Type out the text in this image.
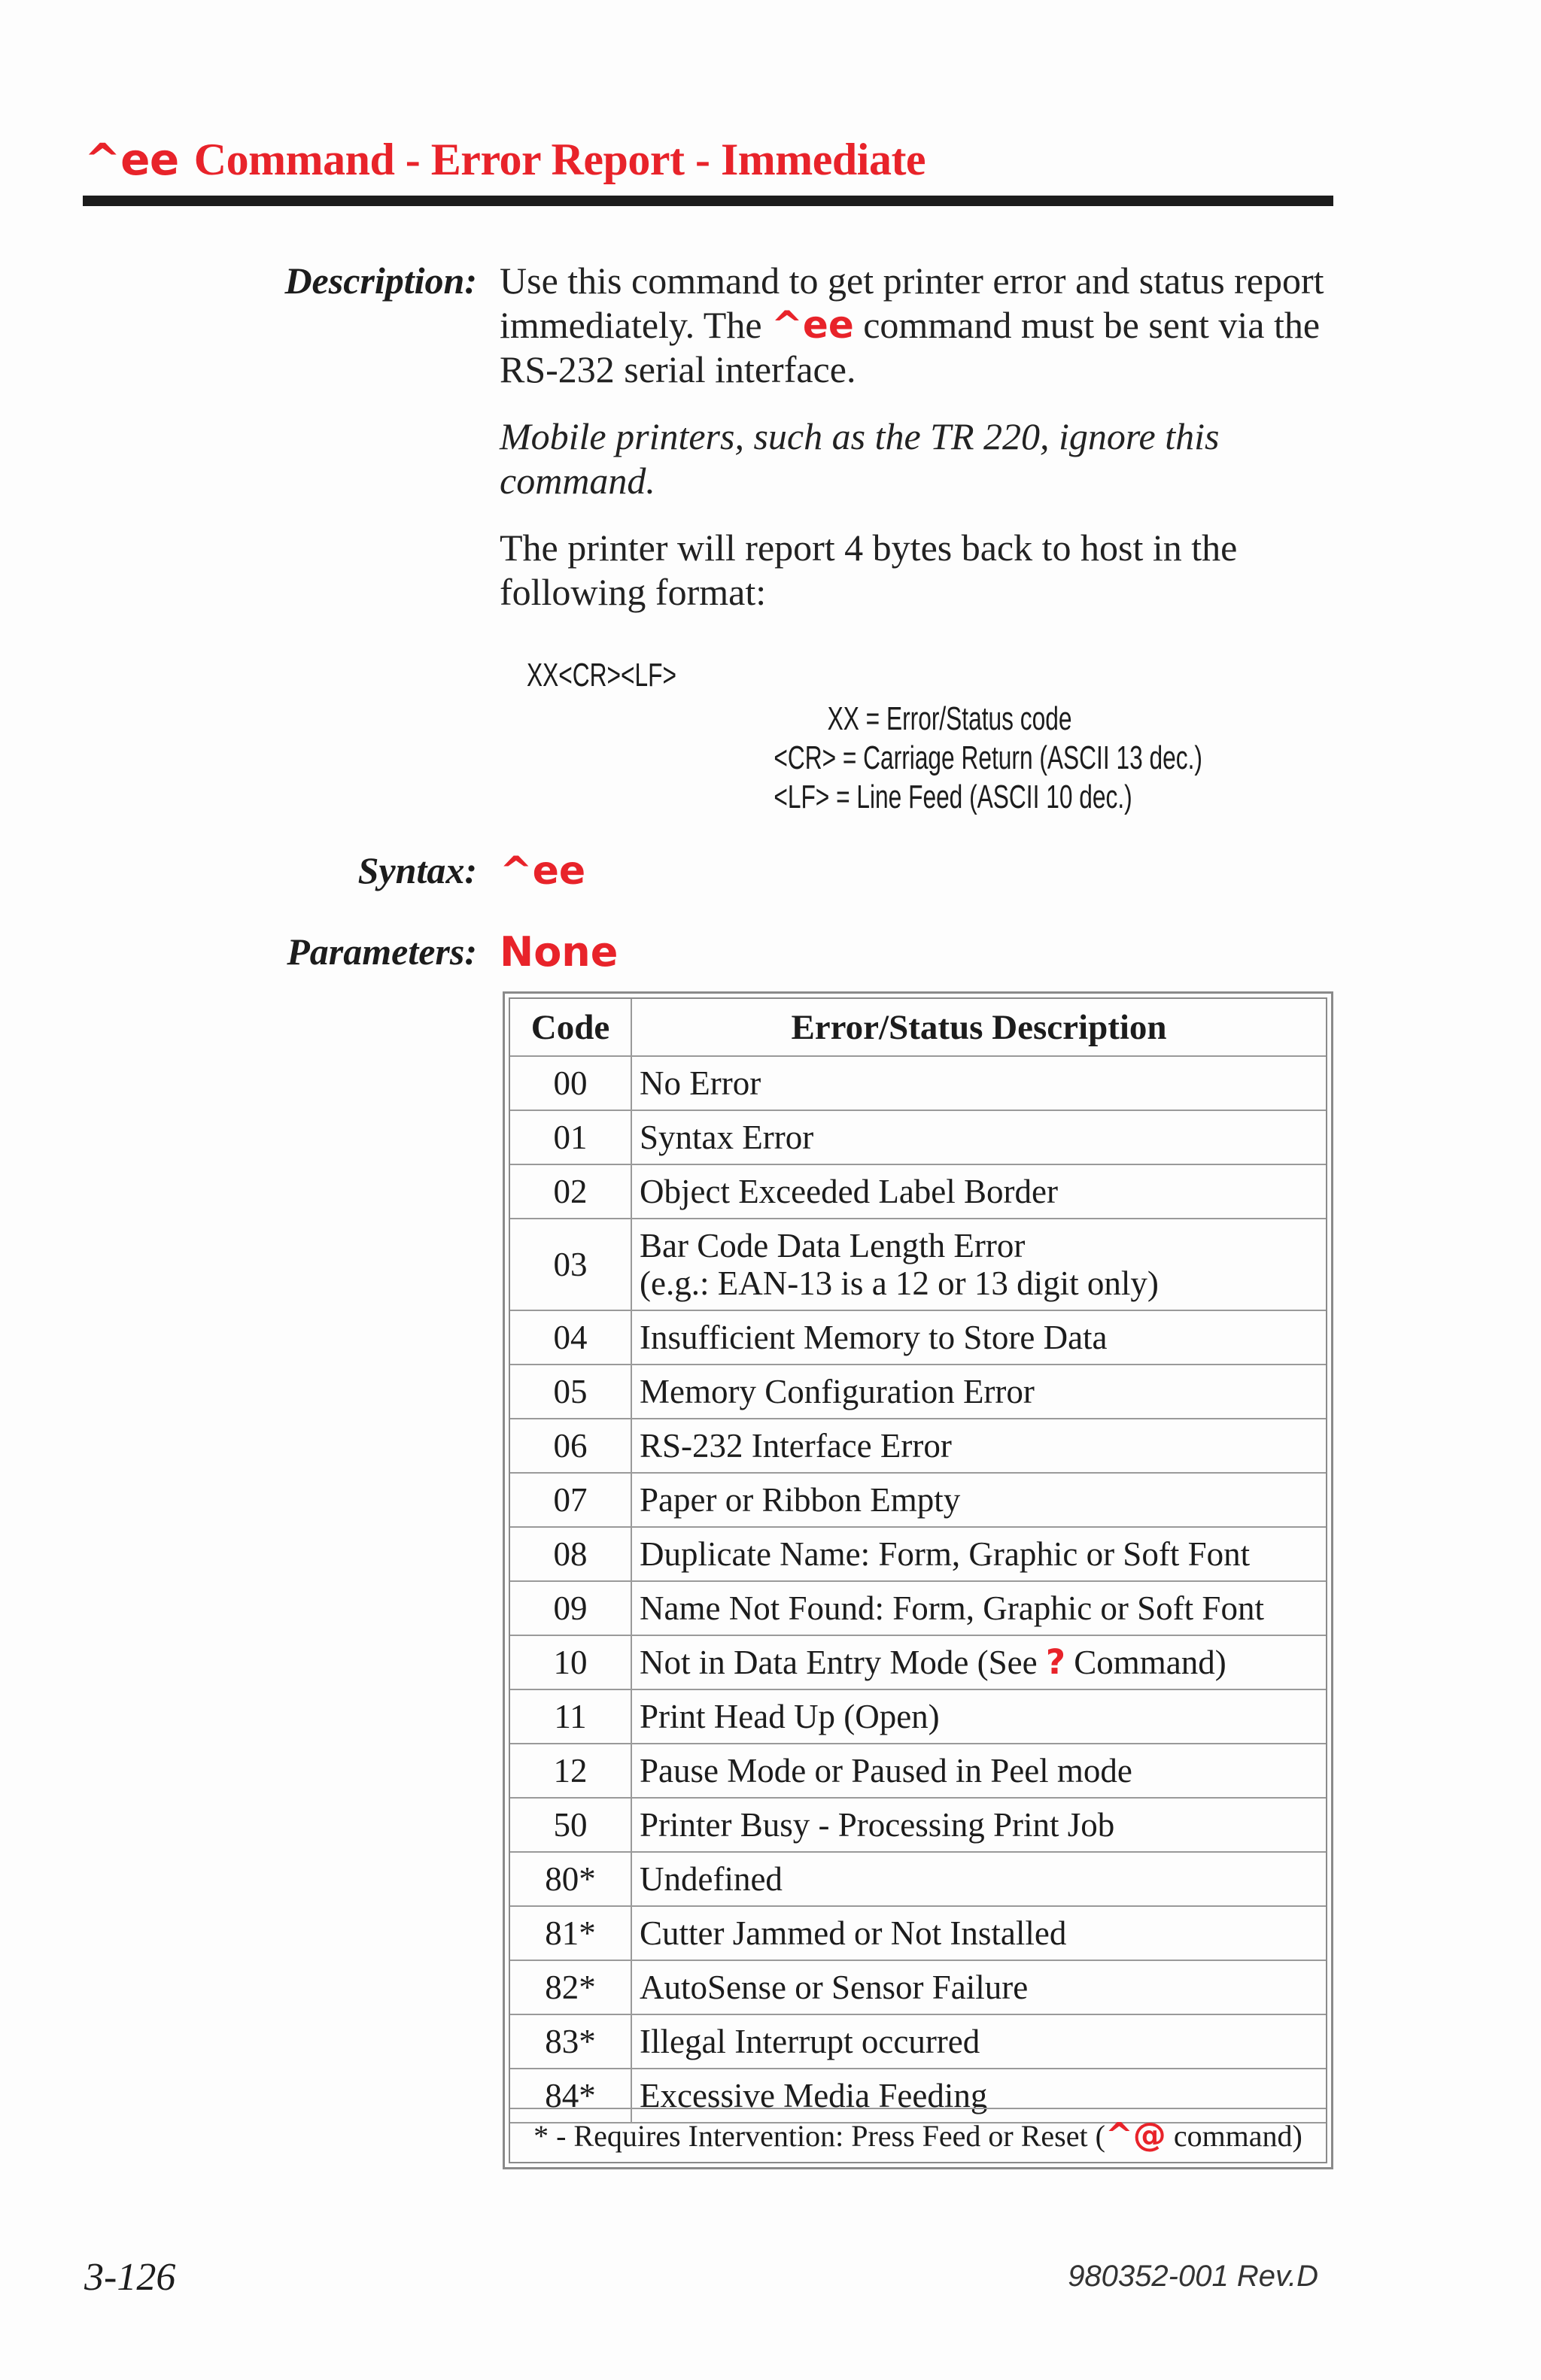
^ee Command - Error Report - Immediate
Description: Use this command to get printer error and status report immediately. The ^ee command must be sent via the RS-232 serial interface.

Mobile printers, such as the TR 220, ignore this command.

The printer will report 4 bytes back to host in the following format:

XX<CR><LF>
XX = Error/Status code
<CR> = Carriage Return (ASCII 13 dec.)
<LF> = Line Feed (ASCII 10 dec.)
Syntax: ^ee
Parameters: None
Code	Error/Status Description
00	No Error
01	Syntax Error
02	Object Exceeded Label Border
03	Bar Code Data Length Error
(e.g.: EAN-13 is a 12 or 13 digit only)
04	Insufficient Memory to Store Data
05	Memory Configuration Error
06	RS-232 Interface Error
07	Paper or Ribbon Empty
08	Duplicate Name: Form, Graphic or Soft Font
09	Name Not Found: Form, Graphic or Soft Font
10	Not in Data Entry Mode (See ? Command)
11	Print Head Up (Open)
12	Pause Mode or Paused in Peel mode
50	Printer Busy - Processing Print Job
80*	Undefined
81*	Cutter Jammed or Not Installed
82*	AutoSense or Sensor Failure
83*	Illegal Interrupt occurred
84*	Excessive Media Feeding
* - Requires Intervention: Press Feed or Reset (^@ command)
3-126	980352-001 Rev.D
